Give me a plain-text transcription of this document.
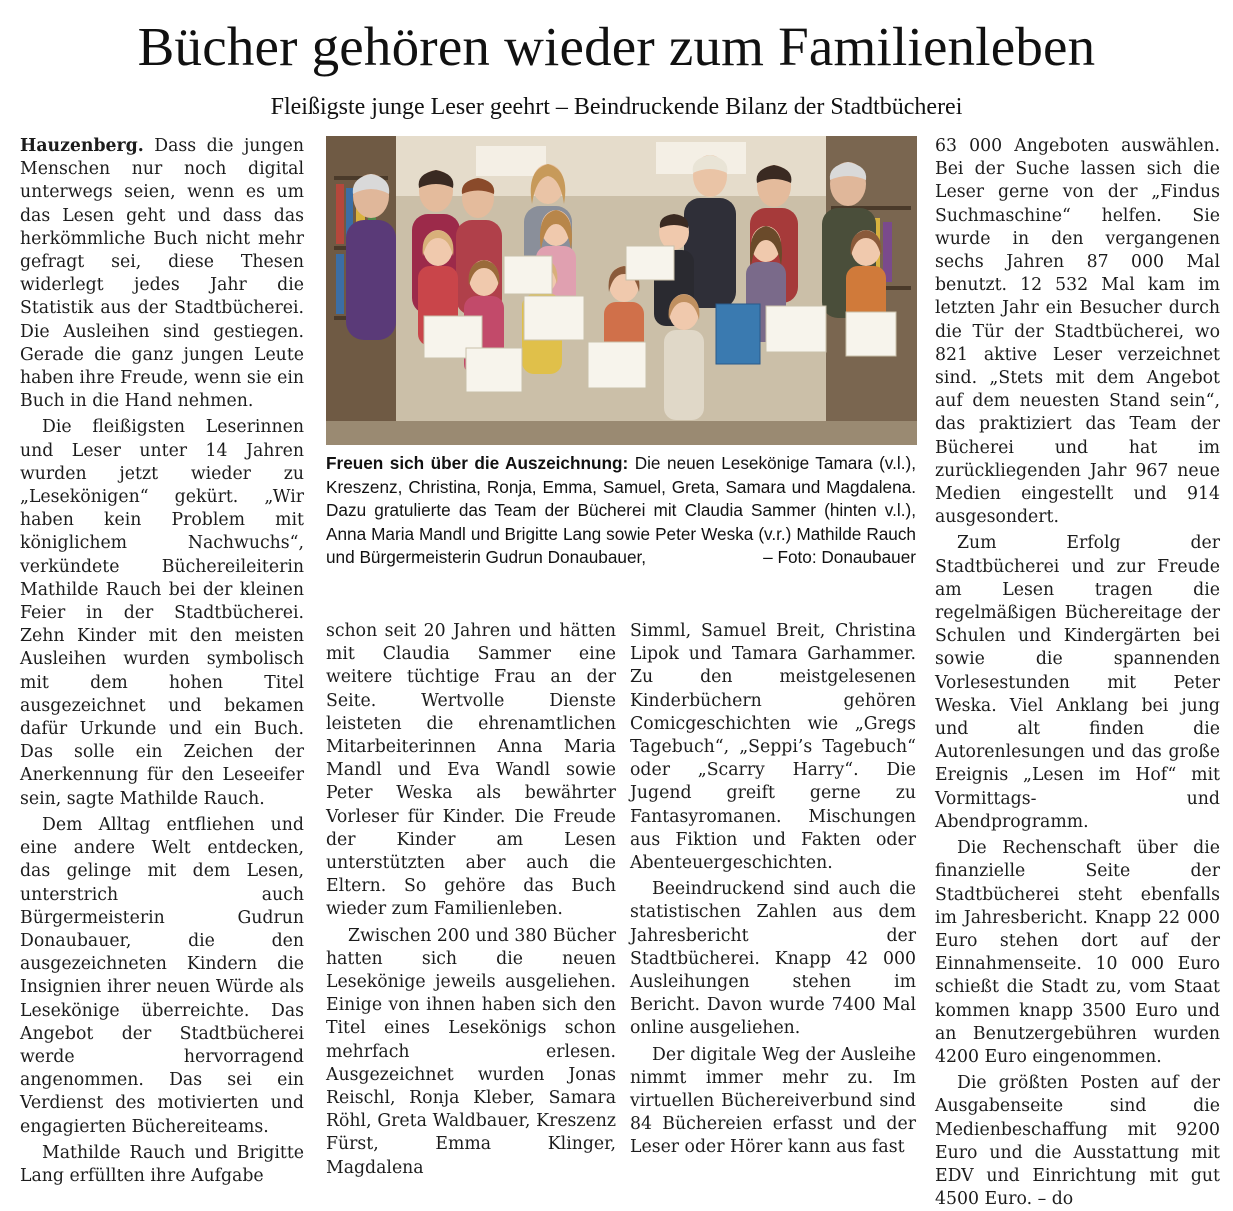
Bücher gehören wieder zum Familienleben
Fleißigste junge Leser geehrt – Beindruckende Bilanz der Stadtbücherei

Hauzenberg. Dass die jungen Menschen nur noch digital unterwegs seien, wenn es um das Lesen geht und dass das herkömmliche Buch nicht mehr gefragt sei, diese Thesen widerlegt jedes Jahr die Statistik aus der Stadtbücherei. Die Ausleihen sind gestiegen. Gerade die ganz jungen Leute haben ihre Freude, wenn sie ein Buch in die Hand nehmen.

Die fleißigsten Leserinnen und Leser unter 14 Jahren wurden jetzt wieder zu „Lesekönigen“ gekürt. „Wir haben kein Problem mit königlichem Nachwuchs“, verkündete Büchereileiterin Mathilde Rauch bei der kleinen Feier in der Stadtbücherei. Zehn Kinder mit den meisten Ausleihen wurden symbolisch mit dem hohen Titel ausgezeichnet und bekamen dafür Urkunde und ein Buch. Das solle ein Zeichen der Anerkennung für den Leseeifer sein, sagte Mathilde Rauch.

Dem Alltag entfliehen und eine andere Welt entdecken, das gelinge mit dem Lesen, unterstrich auch Bürgermeisterin Gudrun Donaubauer, die den ausgezeichneten Kindern die Insignien ihrer neuen Würde als Lesekönige überreichte. Das Angebot der Stadtbücherei werde hervorragend angenommen. Das sei ein Verdienst des motivierten und engagierten Büchereiteams.

Mathilde Rauch und Brigitte Lang erfüllten ihre Aufgabe

Freuen sich über die Auszeichnung: Die neuen Lesekönige Tamara (v.l.), Kreszenz, Christina, Ronja, Emma, Samuel, Greta, Samara und Magdalena. Dazu gratulierte das Team der Bücherei mit Claudia Sammer (hinten v.l.), Anna Maria Mandl und Brigitte Lang sowie Peter Weska (v.r.) Mathilde Rauch und Bürgermeisterin Gudrun Donaubauer,	– Foto: Donaubauer

schon seit 20 Jahren und hätten mit Claudia Sammer eine weitere tüchtige Frau an der Seite. Wertvolle Dienste leisteten die ehrenamtlichen Mitarbeiterinnen Anna Maria Mandl und Eva Wandl sowie Peter Weska als bewährter Vorleser für Kinder. Die Freude der Kinder am Lesen unterstützten aber auch die Eltern. So gehöre das Buch wieder zum Familienleben.

Zwischen 200 und 380 Bücher hatten sich die neuen Lesekönige jeweils ausgeliehen. Einige von ihnen haben sich den Titel eines Lesekönigs schon mehrfach erlesen. Ausgezeichnet wurden Jonas Reischl, Ronja Kleber, Samara Röhl, Greta Waldbauer, Kreszenz Fürst, Emma Klinger, Magdalena

Simml, Samuel Breit, Christina Lipok und Tamara Garhammer. Zu den meistgelesenen Kinderbüchern gehören Comicgeschichten wie „Gregs Tagebuch“, „Seppi’s Tagebuch“ oder „Scarry Harry“. Die Jugend greift gerne zu Fantasyromanen. Mischungen aus Fiktion und Fakten oder Abenteuergeschichten.

Beeindruckend sind auch die statistischen Zahlen aus dem Jahresbericht der Stadtbücherei. Knapp 42 000 Ausleihungen stehen im Bericht. Davon wurde 7400 Mal online ausgeliehen.

Der digitale Weg der Ausleihe nimmt immer mehr zu. Im virtuellen Büchereiverbund sind 84 Büchereien erfasst und der Leser oder Hörer kann aus fast

63 000 Angeboten auswählen. Bei der Suche lassen sich die Leser gerne von der „Findus Suchmaschine“ helfen. Sie wurde in den vergangenen sechs Jahren 87 000 Mal benutzt. 12 532 Mal kam im letzten Jahr ein Besucher durch die Tür der Stadtbücherei, wo 821 aktive Leser verzeichnet sind. „Stets mit dem Angebot auf dem neuesten Stand sein“, das praktiziert das Team der Bücherei und hat im zurückliegenden Jahr 967 neue Medien eingestellt und 914 ausgesondert.

Zum Erfolg der Stadtbücherei und zur Freude am Lesen tragen die regelmäßigen Büchereitage der Schulen und Kindergärten bei sowie die spannenden Vorlesestunden mit Peter Weska. Viel Anklang bei jung und alt finden die Autorenlesungen und das große Ereignis „Lesen im Hof“ mit Vormittags- und Abendprogramm.

Die Rechenschaft über die finanzielle Seite der Stadtbücherei steht ebenfalls im Jahresbericht. Knapp 22 000 Euro stehen dort auf der Einnahmenseite. 10 000 Euro schießt die Stadt zu, vom Staat kommen knapp 3500 Euro und an Benutzergebühren wurden 4200 Euro eingenommen.

Die größten Posten auf der Ausgabenseite sind die Medienbeschaffung mit 9200 Euro und die Ausstattung mit EDV und Einrichtung mit gut 4500 Euro. – do
